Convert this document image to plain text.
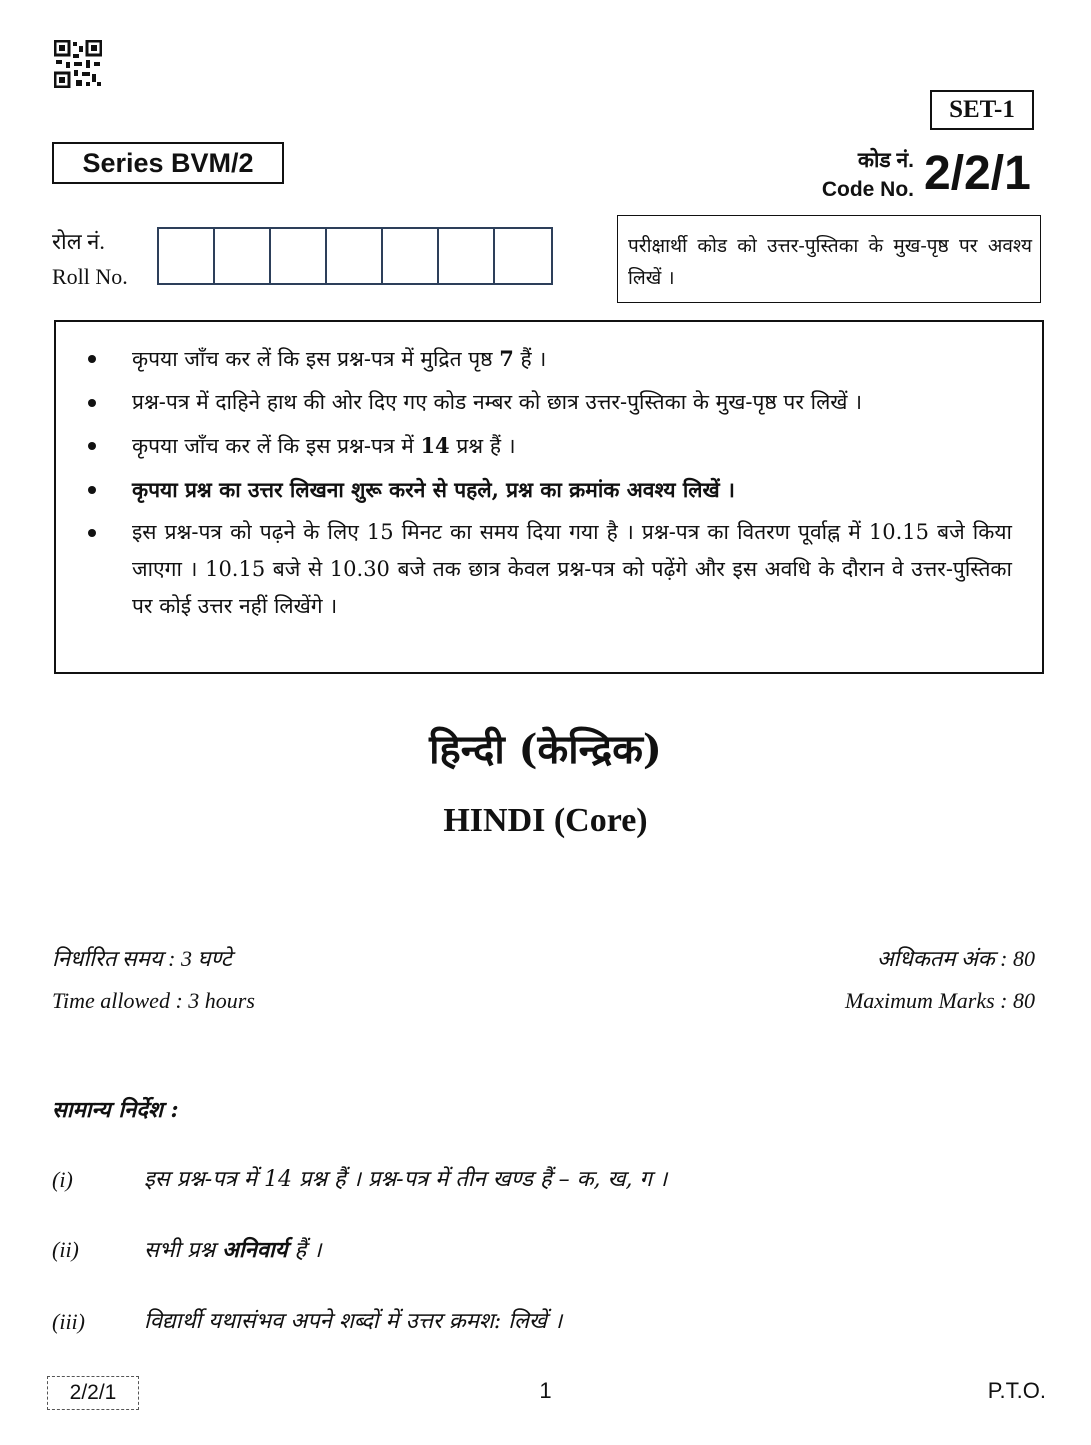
SET-1
Series BVM/2	कोड नं.
Code No. 2/2/1
रोल नं.
Roll No.
परीक्षार्थी कोड को उत्तर-पुस्तिका के मुख-पृष्ठ पर अवश्य लिखें ।
कृपया जाँच कर लें कि इस प्रश्न-पत्र में मुद्रित पृष्ठ 7 हैं ।
प्रश्न-पत्र में दाहिने हाथ की ओर दिए गए कोड नम्बर को छात्र उत्तर-पुस्तिका के मुख-पृष्ठ पर लिखें ।
कृपया जाँच कर लें कि इस प्रश्न-पत्र में 14 प्रश्न हैं ।
कृपया प्रश्न का उत्तर लिखना शुरू करने से पहले, प्रश्न का क्रमांक अवश्य लिखें ।
इस प्रश्न-पत्र को पढ़ने के लिए 15 मिनट का समय दिया गया है । प्रश्न-पत्र का वितरण पूर्वाह्न में 10.15 बजे किया जाएगा । 10.15 बजे से 10.30 बजे तक छात्र केवल प्रश्न-पत्र को पढ़ेंगे और इस अवधि के दौरान वे उत्तर-पुस्तिका पर कोई उत्तर नहीं लिखेंगे ।
हिन्दी (केन्द्रिक)
HINDI (Core)
निर्धारित समय : 3 घण्टे
Time allowed : 3 hours
अधिकतम अंक : 80
Maximum Marks : 80
सामान्य निर्देश :
(i)	इस प्रश्न-पत्र में 14 प्रश्न हैं । प्रश्न-पत्र में तीन खण्ड हैं – क, ख, ग ।
(ii)	सभी प्रश्न अनिवार्य हैं ।
(iii)	विद्यार्थी यथासंभव अपने शब्दों में उत्तर क्रमश: लिखें ।
2/2/1	1	P.T.O.
